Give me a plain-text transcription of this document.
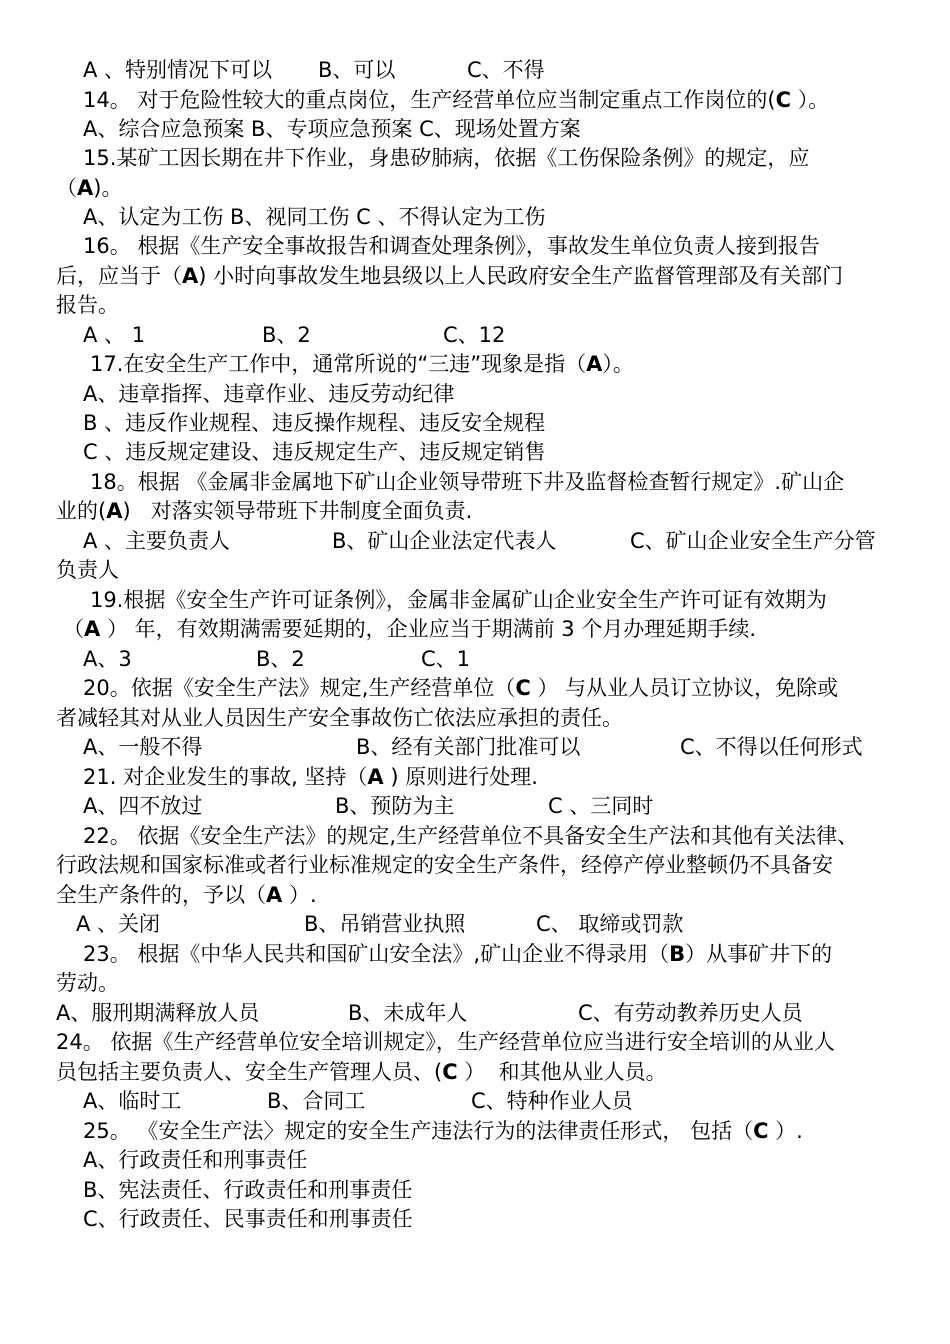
A 、特别情况下可以 B、可以	C、不得
14。 对于危险性较大的重点岗位，生产经营单位应当制定重点工作岗位的(C ）。
A、综合应急预案 B、专项应急预案 C、现场处置方案
15.某矿工因长期在井下作业，身患矽肺病，依据《工伤保险条例》的规定，应
（A)。
A、认定为工伤 B、视同工伤 C 、不得认定为工伤
16。 根据《生产安全事故报告和调查处理条例》，事故发生单位负责人接到报告
后，应当于（A) 小时向事故发生地县级以上人民政府安全生产监督管理部及有关部门
报告。
A 、 1	B、2	C、12
17.在安全生产工作中，通常所说的“三违”现象是指（A）。
A、违章指挥、违章作业、违反劳动纪律
B 、违反作业规程、违反操作规程、违反安全规程
C 、违反规定建设、违反规定生产、违反规定销售
18。根据 《金属非金属地下矿山企业领导带班下井及监督检查暂行规定》.矿山企
业的(A)   对落实领导带班下井制度全面负责.
A 、主要负责人	B、矿山企业法定代表人	C、矿山企业安全生产分管
负责人
19.根据《安全生产许可证条例》，金属非金属矿山企业安全生产许可证有效期为
（A ） 年，有效期满需要延期的，企业应当于期满前 3 个月办理延期手续.
A、3	B、2	C、1
20。依据《安全生产法》规定,生产经营单位（C ） 与从业人员订立协议，免除或
者减轻其对从业人员因生产安全事故伤亡依法应承担的责任。
A、一般不得	B、经有关部门批准可以	C、不得以任何形式
21. 对企业发生的事故, 坚持（A ) 原则进行处理.
A、四不放过	B、预防为主	C 、三同时
22。 依据《安全生产法》的规定,生产经营单位不具备安全生产法和其他有关法律、
行政法规和国家标准或者行业标准规定的安全生产条件，经停产停业整顿仍不具备安
全生产条件的，予以（A ）.
A 、关闭	B、吊销营业执照	C、 取缔或罚款
23。 根据《中华人民共和国矿山安全法》,矿山企业不得录用（B）从事矿井下的
劳动。
A、服刑期满释放人员	B、未成年人	C、有劳动教养历史人员
24。 依据《生产经营单位安全培训规定》，生产经营单位应当进行安全培训的从业人
员包括主要负责人、安全生产管理人员、(C ）  和其他从业人员。
A、临时工	B、合同工	C、特种作业人员
25。 《安全生产法〉规定的安全生产违法行为的法律责任形式， 包括（C ）.
A、行政责任和刑事责任
B、宪法责任、行政责任和刑事责任
C、行政责任、民事责任和刑事责任
